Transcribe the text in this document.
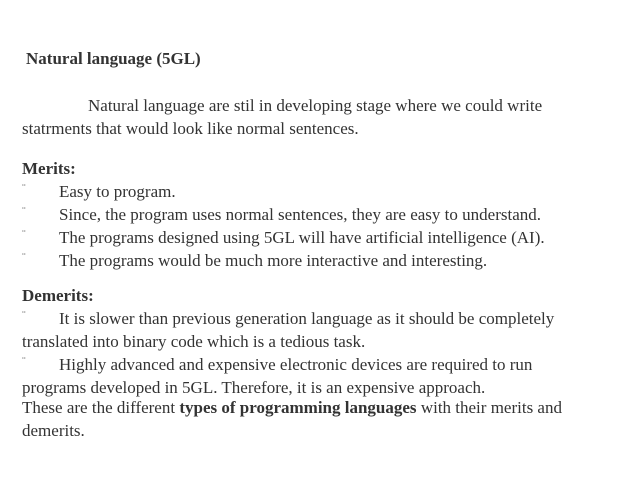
Natural language (5GL)
Natural language are stil in developing stage where we could write
statrments that would look like normal sentences.
Merits:
¨ Easy to program.
¨ Since, the program uses normal sentences, they are easy to understand.
¨ The programs designed using 5GL will have artificial intelligence (AI).
¨ The programs would be much more interactive and interesting.
Demerits:
¨ It is slower than previous generation language as it should be completely
translated into binary code which is a tedious task.
¨ Highly advanced and expensive electronic devices are required to run
programs developed in 5GL. Therefore, it is an expensive approach.
These are the different types of programming languages with their merits and
demerits.
